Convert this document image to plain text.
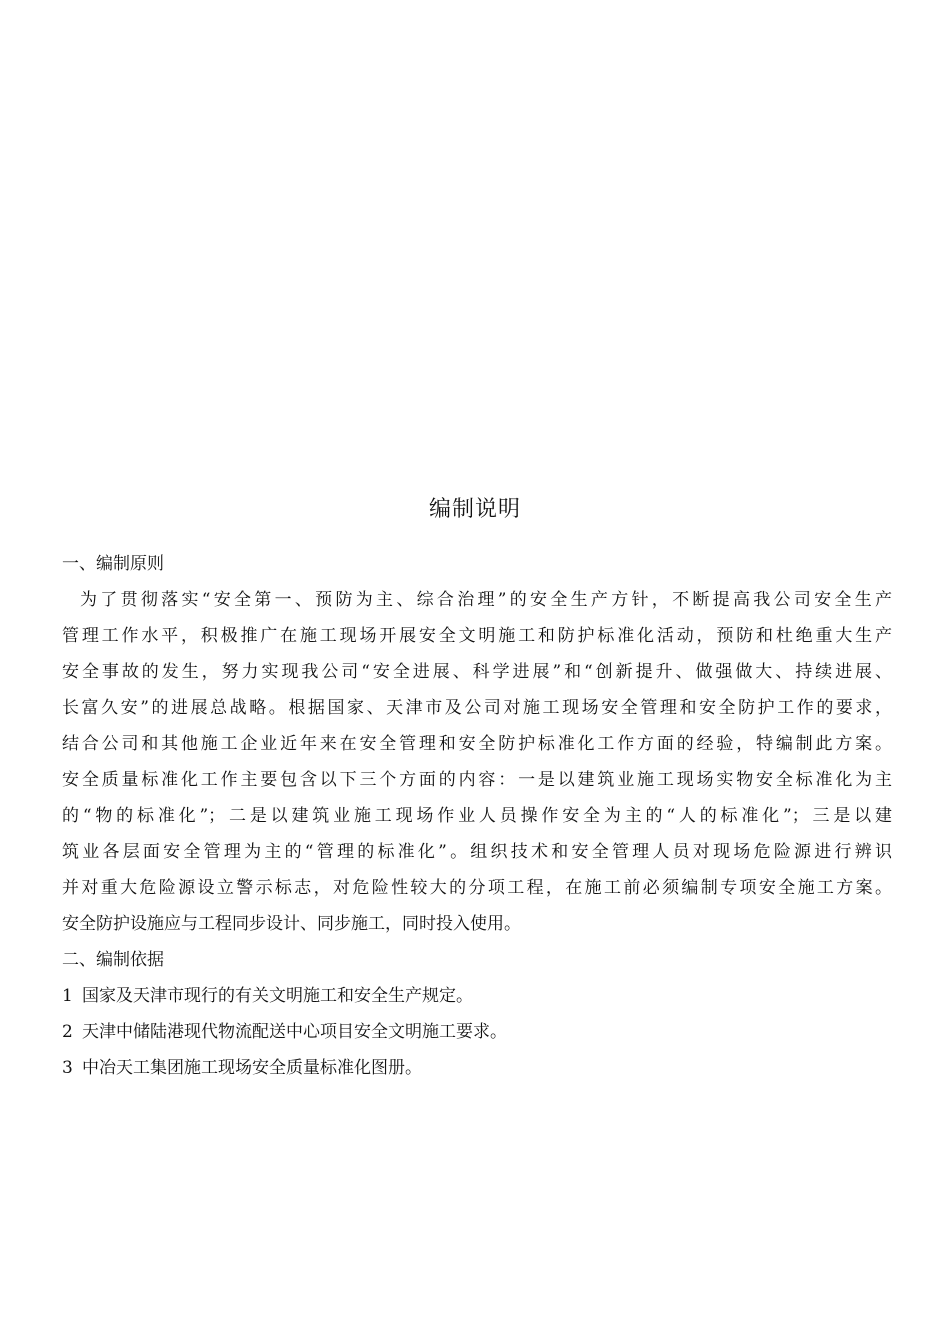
编制说明
一、编制原则
为了贯彻落实“安全第一、预防为主、综合治理”的安全生产方针，不断提高我公司安全生产
管理工作水平，积极推广在施工现场开展安全文明施工和防护标准化活动，预防和杜绝重大生产
安全事故的发生，努力实现我公司“安全进展、科学进展”和“创新提升、做强做大、持续进展、
长富久安”的进展总战略。根据国家、天津市及公司对施工现场安全管理和安全防护工作的要求，
结合公司和其他施工企业近年来在安全管理和安全防护标准化工作方面的经验，特编制此方案。
安全质量标准化工作主要包含以下三个方面的内容：一是以建筑业施工现场实物安全标准化为主
的“物的标准化”；二是以建筑业施工现场作业人员操作安全为主的“人的标准化”；三是以建
筑业各层面安全管理为主的“管理的标准化”。组织技术和安全管理人员对现场危险源进行辨识
并对重大危险源设立警示标志，对危险性较大的分项工程，在施工前必须编制专项安全施工方案。
安全防护设施应与工程同步设计、同步施工，同时投入使用。
二、编制依据
1 国家及天津市现行的有关文明施工和安全生产规定。
2 天津中储陆港现代物流配送中心项目安全文明施工要求。
3 中冶天工集团施工现场安全质量标准化图册。
